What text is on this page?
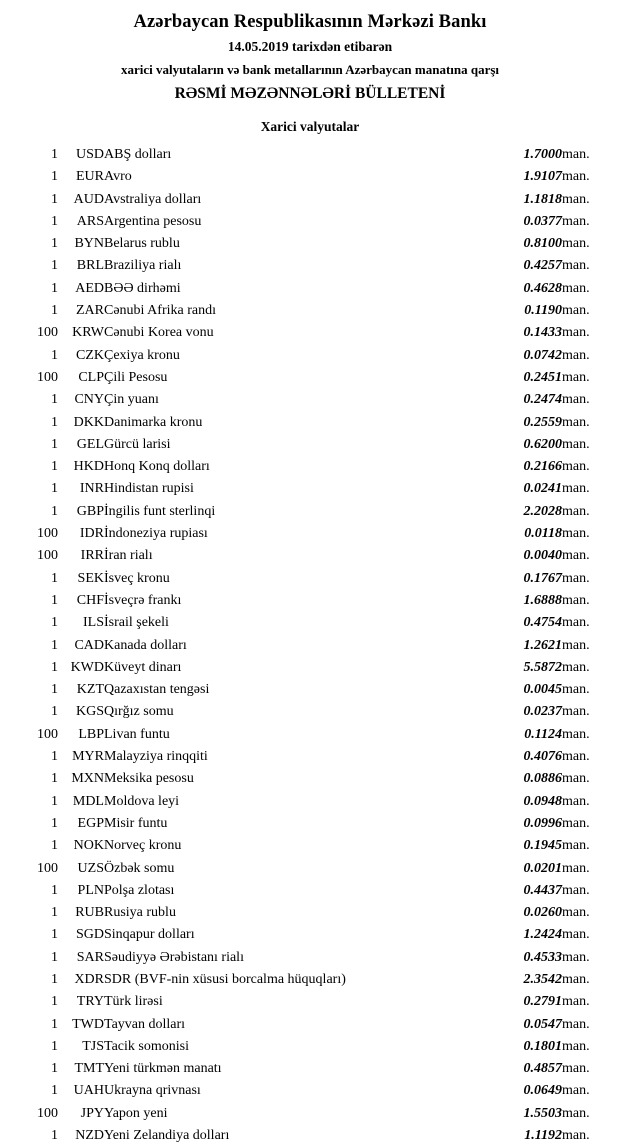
Azərbaycan Respublikasının Mərkəzi Bankı
14.05.2019 tarixdən etibarən
xarici valyutaların və bank metallarının Azərbaycan manatına qarşı
RƏSMİ MƏZƏNNƏLƏRİ BÜLLETENİ
Xarici valyutalar
1	USD	ABŞ dolları	1.7000	man.
1	EUR	Avro	1.9107	man.
1	AUD	Avstraliya dolları	1.1818	man.
1	ARS	Argentina pesosu	0.0377	man.
1	BYN	Belarus rublu	0.8100	man.
1	BRL	Braziliya rialı	0.4257	man.
1	AED	BƏƏ dirhəmi	0.4628	man.
1	ZAR	Cənubi Afrika randı	0.1190	man.
100	KRW	Cənubi Korea vonu	0.1433	man.
1	CZK	Çexiya kronu	0.0742	man.
100	CLP	Çili Pesosu	0.2451	man.
1	CNY	Çin yuanı	0.2474	man.
1	DKK	Danimarka kronu	0.2559	man.
1	GEL	Gürcü larisi	0.6200	man.
1	HKD	Honq Konq dolları	0.2166	man.
1	INR	Hindistan rupisi	0.0241	man.
1	GBP	İngilis funt sterlinqi	2.2028	man.
100	IDR	İndoneziya rupiası	0.0118	man.
100	IRR	İran rialı	0.0040	man.
1	SEK	İsveç kronu	0.1767	man.
1	CHF	İsveçrə frankı	1.6888	man.
1	ILS	İsrail şekeli	0.4754	man.
1	CAD	Kanada dolları	1.2621	man.
1	KWD	Küveyt dinarı	5.5872	man.
1	KZT	Qazaxıstan tengəsi	0.0045	man.
1	KGS	Qırğız somu	0.0237	man.
100	LBP	Livan funtu	0.1124	man.
1	MYR	Malayziya rinqqiti	0.4076	man.
1	MXN	Meksika pesosu	0.0886	man.
1	MDL	Moldova leyi	0.0948	man.
1	EGP	Misir funtu	0.0996	man.
1	NOK	Norveç kronu	0.1945	man.
100	UZS	Özbək somu	0.0201	man.
1	PLN	Polşa zlotası	0.4437	man.
1	RUB	Rusiya rublu	0.0260	man.
1	SGD	Sinqapur dolları	1.2424	man.
1	SAR	Səudiyyə Ərəbistanı rialı	0.4533	man.
1	XDR	SDR (BVF-nin xüsusi borcalma hüquqları)	2.3542	man.
1	TRY	Türk lirəsi	0.2791	man.
1	TWD	Tayvan dolları	0.0547	man.
1	TJS	Tacik somonisi	0.1801	man.
1	TMT	Yeni türkmən manatı	0.4857	man.
1	UAH	Ukrayna qrivnası	0.0649	man.
100	JPY	Yapon yeni	1.5503	man.
1	NZD	Yeni Zelandiya dolları	1.1192	man.
